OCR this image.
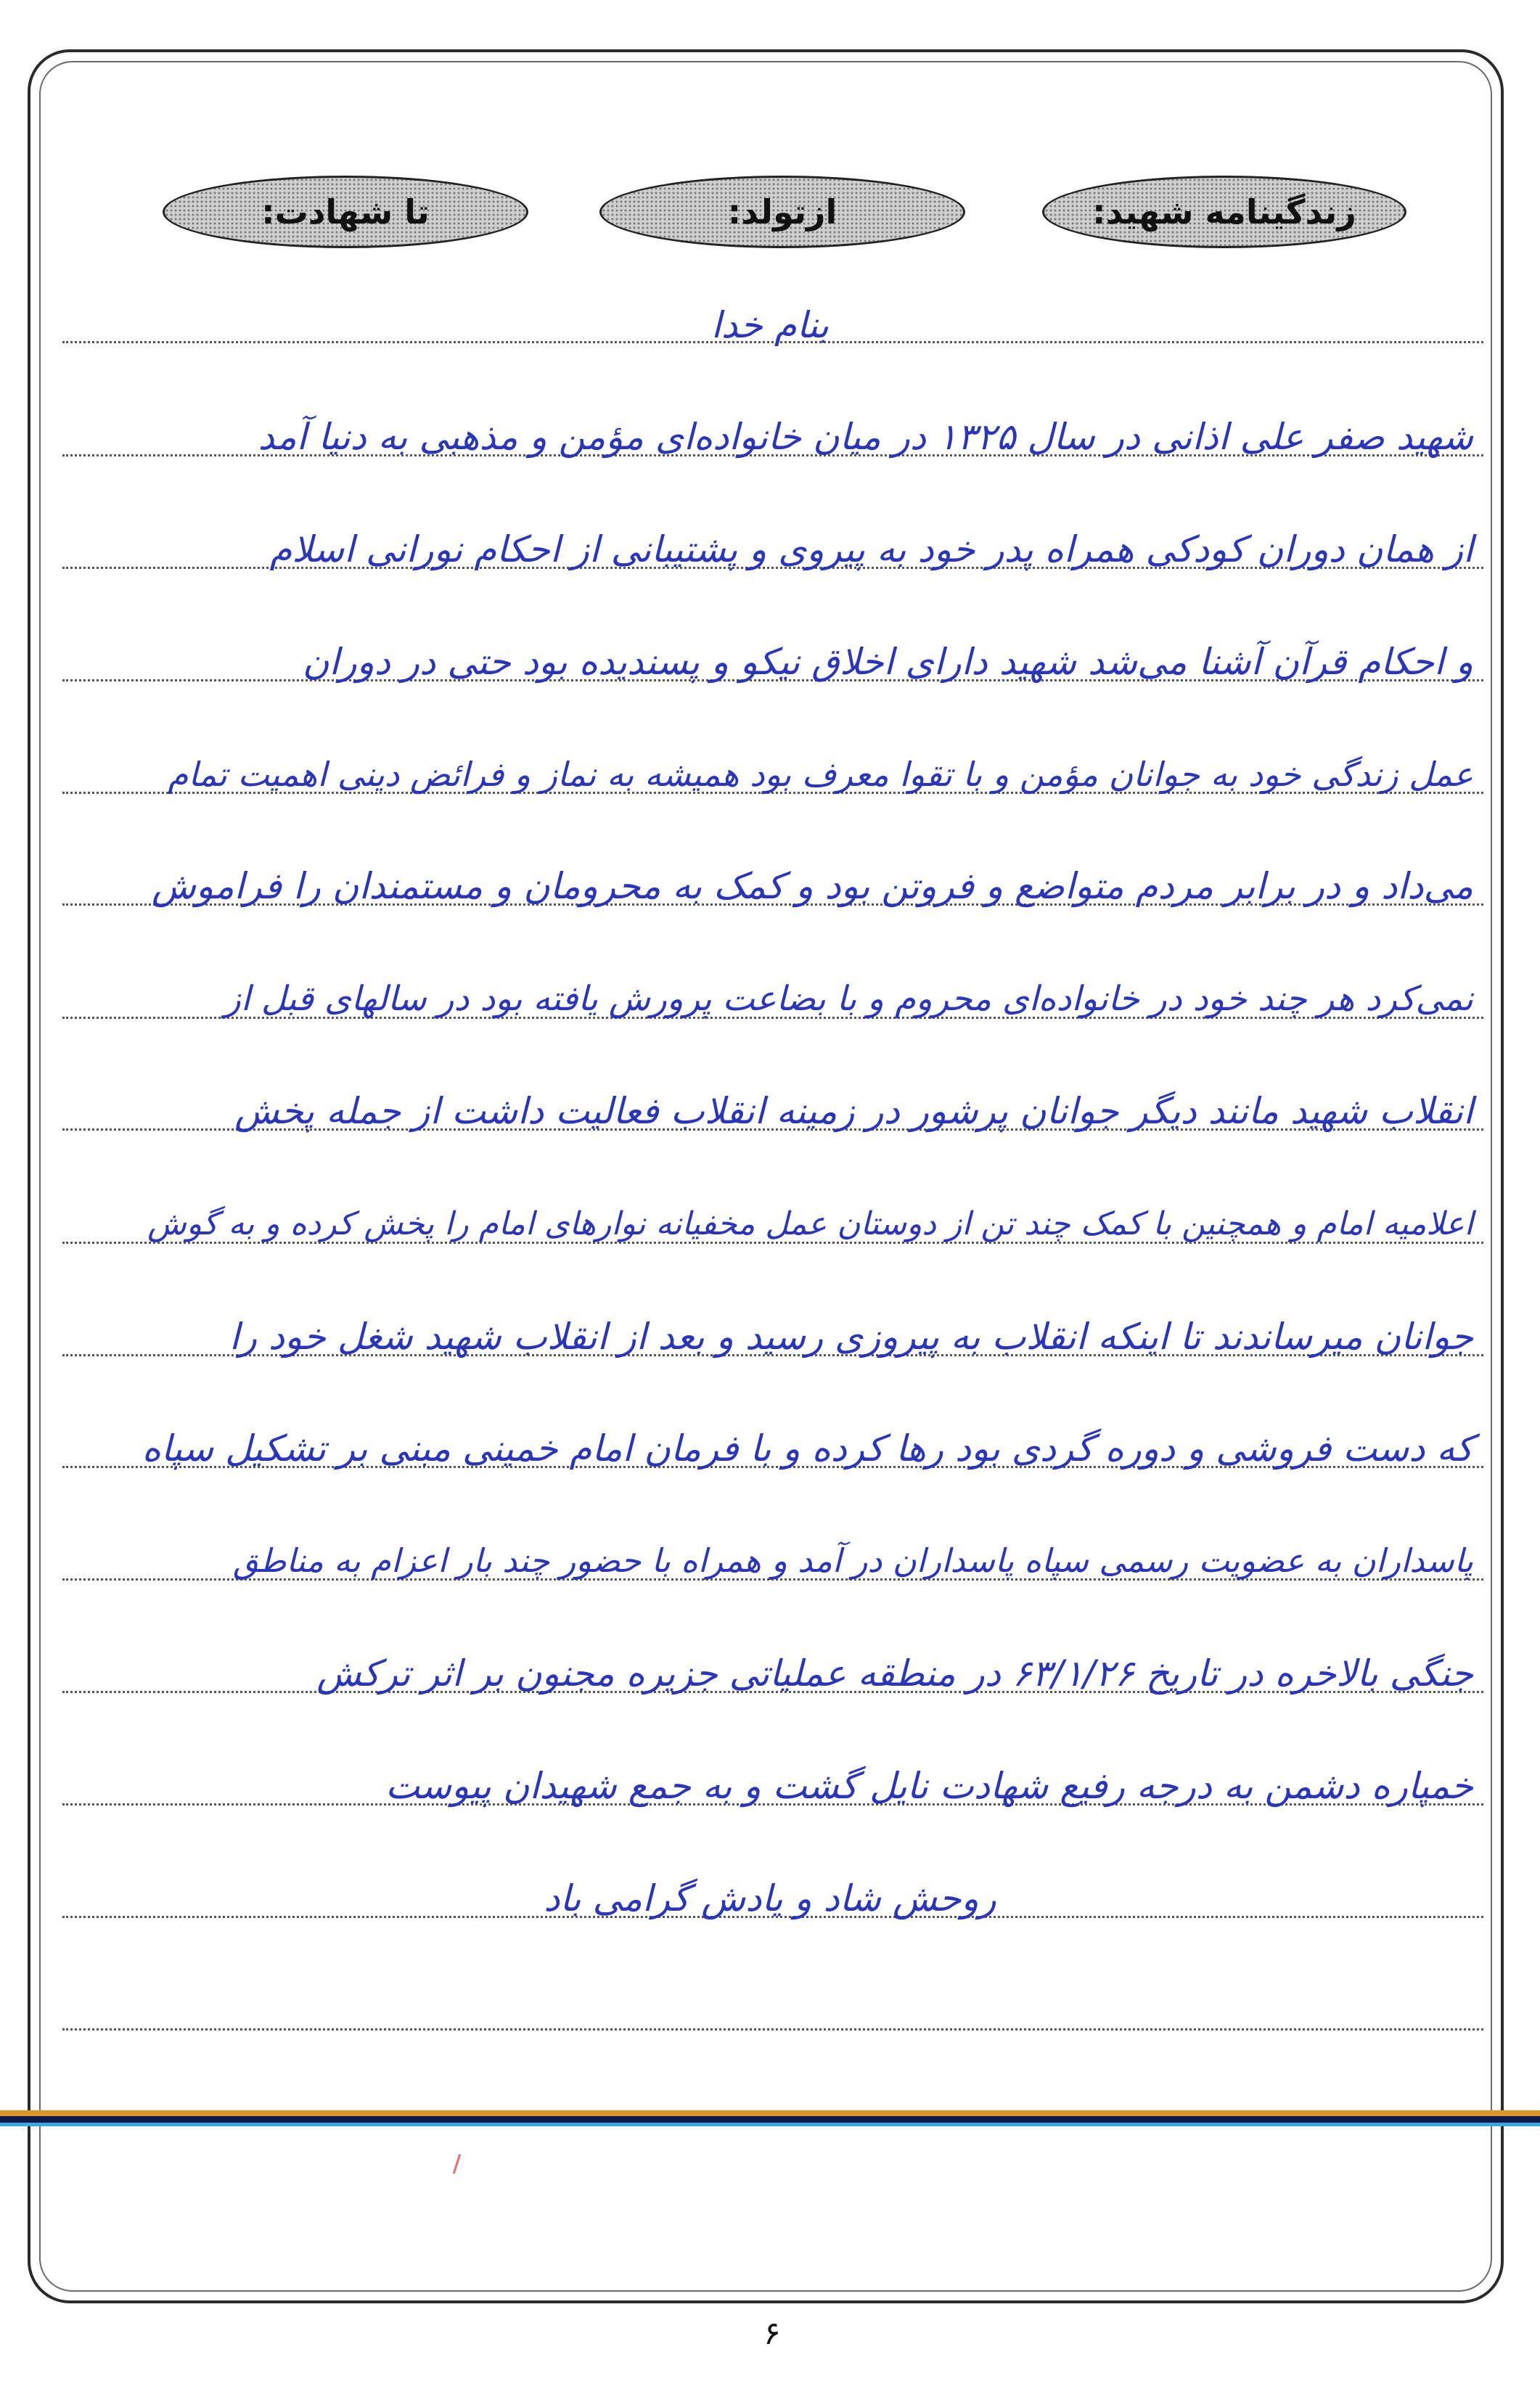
زندگینامه شهید:
ازتولد:
تا شهادت:
بنام خدا
شهید صفر علی اذانی در سال ۱۳۲۵ در میان خانواده‌ای مؤمن و مذهبی به دنیا آمد
از همان دوران کودکی همراه پدر خود به پیروی و پشتیبانی از احکام نورانی اسلام
و احکام قرآن آشنا می‌شد شهید دارای اخلاق نیکو و پسندیده بود حتی در دوران
عمل زندگی خود به جوانان مؤمن و با تقوا معرف بود همیشه به نماز و فرائض دینی اهمیت تمام
می‌داد و در برابر مردم متواضع و فروتن بود و کمک به محرومان و مستمندان را فراموش
نمی‌کرد هر چند خود در خانواده‌ای محروم و با بضاعت پرورش یافته بود در سالهای قبل از
انقلاب شهید مانند دیگر جوانان پرشور در زمینه انقلاب فعالیت داشت از جمله پخش
اعلامیه امام و همچنین با کمک چند تن از دوستان عمل مخفیانه نوارهای امام را پخش کرده و به گوش
جوانان میرساندند تا اینکه انقلاب به پیروزی رسید و بعد از انقلاب شهید شغل خود را
که دست فروشی و دوره گردی بود رها کرده و با فرمان امام خمینی مبنی بر تشکیل سپاه
پاسداران به عضویت رسمی سپاه پاسداران در آمد و همراه با حضور چند بار اعزام به مناطق
جنگی بالاخره در تاریخ ۶۳/۱/۲۶ در منطقه عملیاتی جزیره مجنون بر اثر ترکش
خمپاره دشمن به درجه رفیع شهادت نایل گشت و به جمع شهیدان پیوست
روحش شاد و یادش گرامی باد
۶
